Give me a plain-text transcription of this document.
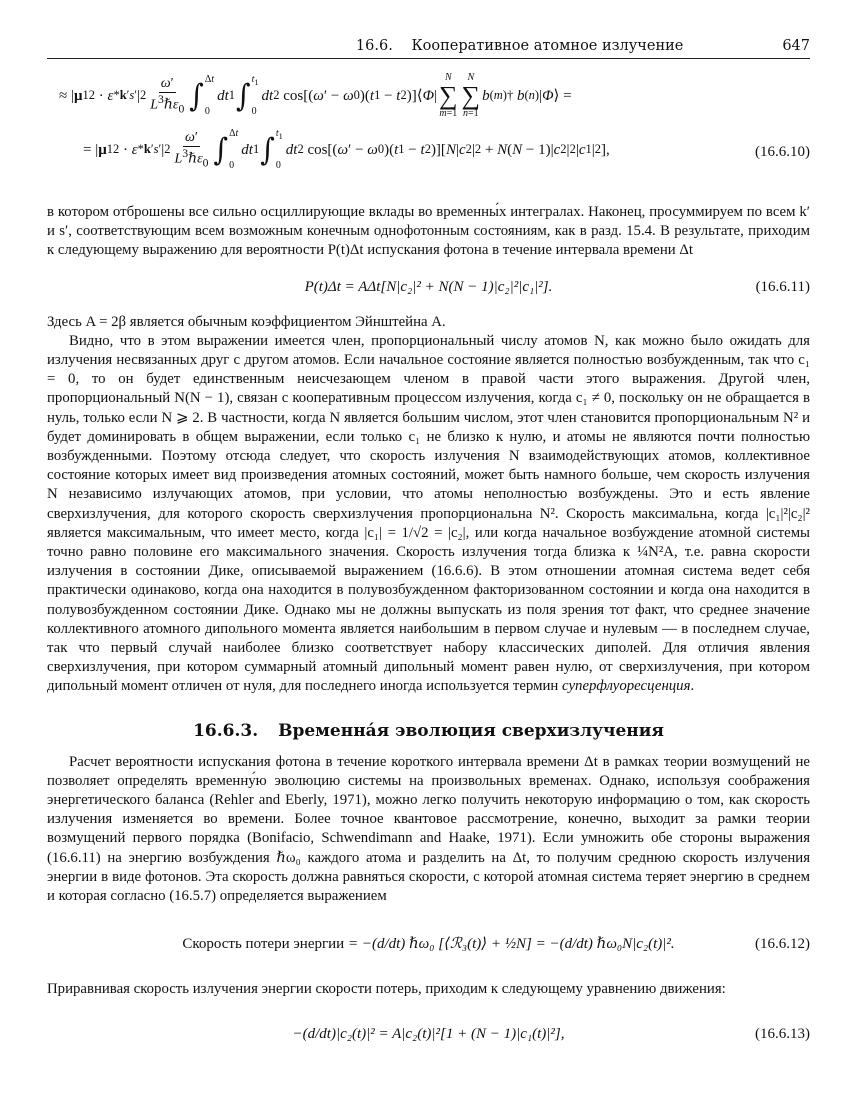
16.6. Кооперативное атомное излучение	647
≈ | μ 12 · ε * k′s′ | $2 \frac{\omega'}{L^3\hbar\varepsilon_0}$ ∫ Δt
0
dt 1 ∫ $t_1$
0
dt 2 cos[( ω ′ − ω 0 )( t 1 − t 2 )]⟨ Φ |
N
∑
m=1
N
∑
n=1
b (m)†
b (n) | Φ ⟩ =
= | μ 12 · ε * k′s′ | $2 \frac{\omega'}{L^3\hbar\varepsilon_0}$ ∫ Δt
0
dt 1 ∫ $t_1$
0
dt 2 cos[( ω ′ − ω 0 )( t 1 − t 2 )][ N | c 2 | 2 + N ( N − 1)| c 2 | 2 | c 1 | 2 ],	(16.6.10)

в котором отброшены все сильно осциллирующие вклады во временны́х интегралах. Наконец, просуммируем по всем k′ и s′, соответствующим всем возможным конечным однофотонным состояниям, как в разд. 15.4. В результате, приходим к следующему выражению для вероятности P(t)Δt испускания фотона в течение интервала времени Δt

P(t)Δt = AΔt[N|c₂|² + N(N − 1)|c₂|²|c₁|²].	(16.6.11)

Здесь A = 2β является обычным коэффициентом Эйнштейна A.

Видно, что в этом выражении имеется член, пропорциональный числу атомов N, как можно было ожидать для излучения несвязанных друг с другом атомов. Если начальное состояние является полностью возбужденным, так что c₁ = 0, то он будет единственным неисчезающем членом в правой части этого выражения. Другой член, пропорциональный N(N − 1), связан с кооперативным процессом излучения, когда c₁ ≠ 0, поскольку он не обращается в нуль, только если N ⩾ 2. В частности, когда N является большим числом, этот член становится пропорциональным N² и будет доминировать в общем выражении, если только c₁ не близко к нулю, и атомы не являются почти полностью возбужденными. Поэтому отсюда следует, что скорость излучения N взаимодействующих атомов, коллективное состояние которых имеет вид произведения атомных состояний, может быть намного больше, чем скорость излучения N независимо излучающих атомов, при условии, что атомы неполностью возбуждены. Это и есть явление сверхизлучения, для которого скорость сверхизлучения пропорциональна N². Скорость максимальна, когда |c₁|²|c₂|² является максимальным, что имеет место, когда |c₁| = 1/√2 = |c₂|, или когда начальное возбуждение атомной системы точно равно половине его максимального значения. Скорость излучения тогда близка к ¼N²A, т.е. равна скорости излучения в состоянии Дике, описываемой выражением (16.6.6). В этом отношении атомная система ведет себя практически одинаково, когда она находится в полувозбужденном факторизованном состоянии и когда она находится в полувозбужденном состоянии Дике. Однако мы не должны выпускать из поля зрения тот факт, что среднее значение коллективного атомного дипольного момента является наибольшим в первом случае и нулевым — в последнем случае, так что первый случай наиболее близко соответствует набору классических диполей. Для отличия явления сверхизлучения, при котором суммарный атомный дипольный момент равен нулю, от сверхизлучения, при котором дипольный момент отличен от нуля, для последнего иногда используется термин суперфлуоресценция.

16.6.3. Временна́я эволюция сверхизлучения

Расчет вероятности испускания фотона в течение короткого интервала времени Δt в рамках теории возмущений не позволяет определять временну́ю эволюцию системы на произвольных временах. Однако, используя соображения энергетического баланса (Rehler and Eberly, 1971), можно легко получить некоторую информацию о том, как скорость излучения изменяется во времени. Более точное квантовое рассмотрение, конечно, выходит за рамки теории возмущений первого порядка (Bonifacio, Schwendimann and Haake, 1971). Если умножить обе стороны выражения (16.6.11) на энергию возбуждения ℏω₀ каждого атома и разделить на Δt, то получим среднюю скорость излучения энергии в виде фотонов. Эта скорость должна равняться скорости, с которой атомная система теряет энергию в среднем и которая согласно (16.5.7) определяется выражением

Скорость потери энергии = −(d/dt) ℏω₀ [⟨ℛ₃(t)⟩ + ½N] = −(d/dt) ℏω₀N|c₂(t)|².	(16.6.12)

Приравнивая скорость излучения энергии скорости потерь, приходим к следующему уравнению движения:

−(d/dt)|c₂(t)|² = A|c₂(t)|²[1 + (N − 1)|c₁(t)|²],	(16.6.13)
